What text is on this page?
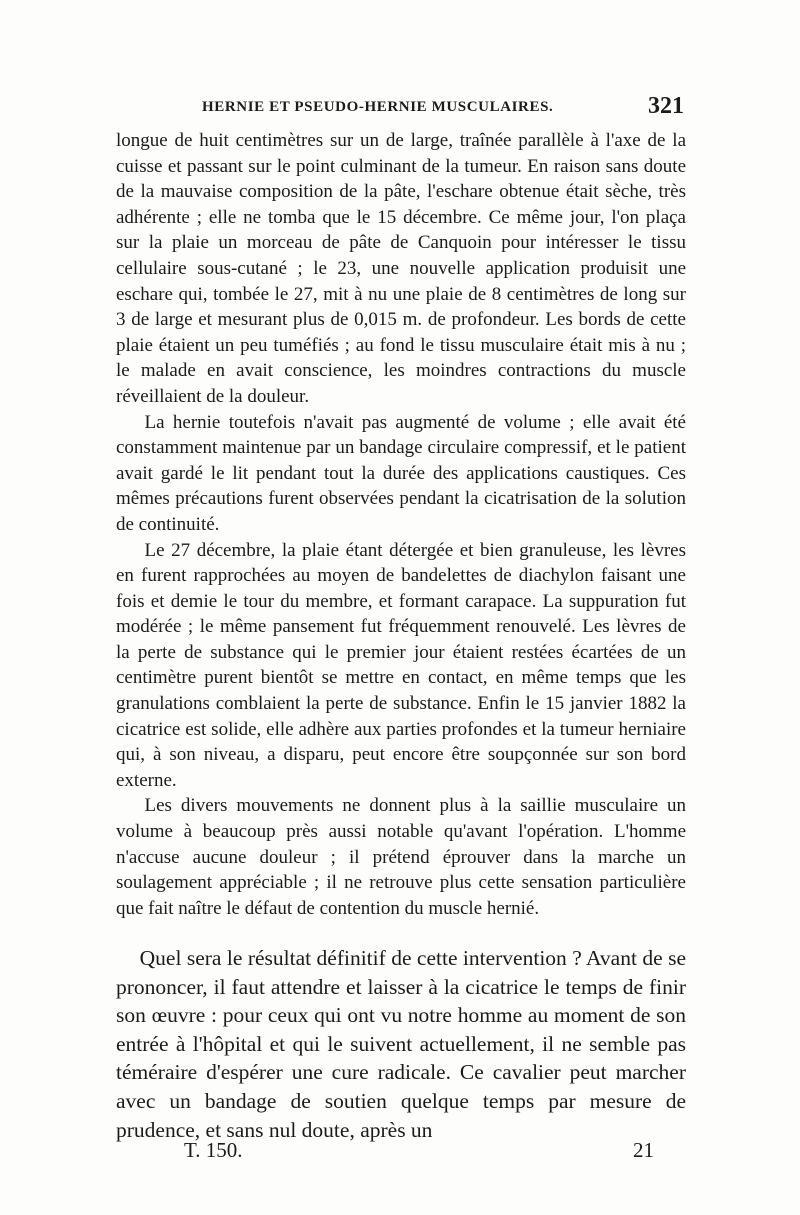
HERNIE ET PSEUDO-HERNIE MUSCULAIRES.	321

longue de huit centimètres sur un de large, traînée parallèle à l'axe de la cuisse et passant sur le point culminant de la tumeur. En raison sans doute de la mauvaise composition de la pâte, l'eschare obtenue était sèche, très adhérente ; elle ne tomba que le 15 décembre. Ce même jour, l'on plaça sur la plaie un morceau de pâte de Canquoin pour intéresser le tissu cellulaire sous-cutané ; le 23, une nouvelle application produisit une eschare qui, tombée le 27, mit à nu une plaie de 8 centimètres de long sur 3 de large et mesurant plus de 0,015 m. de profondeur. Les bords de cette plaie étaient un peu tuméfiés ; au fond le tissu musculaire était mis à nu ; le malade en avait conscience, les moindres contractions du muscle réveillaient de la douleur.

La hernie toutefois n'avait pas augmenté de volume ; elle avait été constamment maintenue par un bandage circulaire compressif, et le patient avait gardé le lit pendant tout la durée des applications caustiques. Ces mêmes précautions furent observées pendant la cicatrisation de la solution de continuité.

Le 27 décembre, la plaie étant détergée et bien granuleuse, les lèvres en furent rapprochées au moyen de bandelettes de diachylon faisant une fois et demie le tour du membre, et formant carapace. La suppuration fut modérée ; le même pansement fut fréquemment renouvelé. Les lèvres de la perte de substance qui le premier jour étaient restées écartées de un centimètre purent bientôt se mettre en contact, en même temps que les granulations comblaient la perte de substance. Enfin le 15 janvier 1882 la cicatrice est solide, elle adhère aux parties profondes et la tumeur herniaire qui, à son niveau, a disparu, peut encore être soupçonnée sur son bord externe.

Les divers mouvements ne donnent plus à la saillie musculaire un volume à beaucoup près aussi notable qu'avant l'opération. L'homme n'accuse aucune douleur ; il prétend éprouver dans la marche un soulagement appréciable ; il ne retrouve plus cette sensation particulière que fait naître le défaut de contention du muscle hernié.

Quel sera le résultat définitif de cette intervention ? Avant de se prononcer, il faut attendre et laisser à la cicatrice le temps de finir son œuvre : pour ceux qui ont vu notre homme au moment de son entrée à l'hôpital et qui le suivent actuellement, il ne semble pas téméraire d'espérer une cure radicale. Ce cavalier peut marcher avec un bandage de soutien quelque temps par mesure de prudence, et sans nul doute, après un

T. 150.	21
